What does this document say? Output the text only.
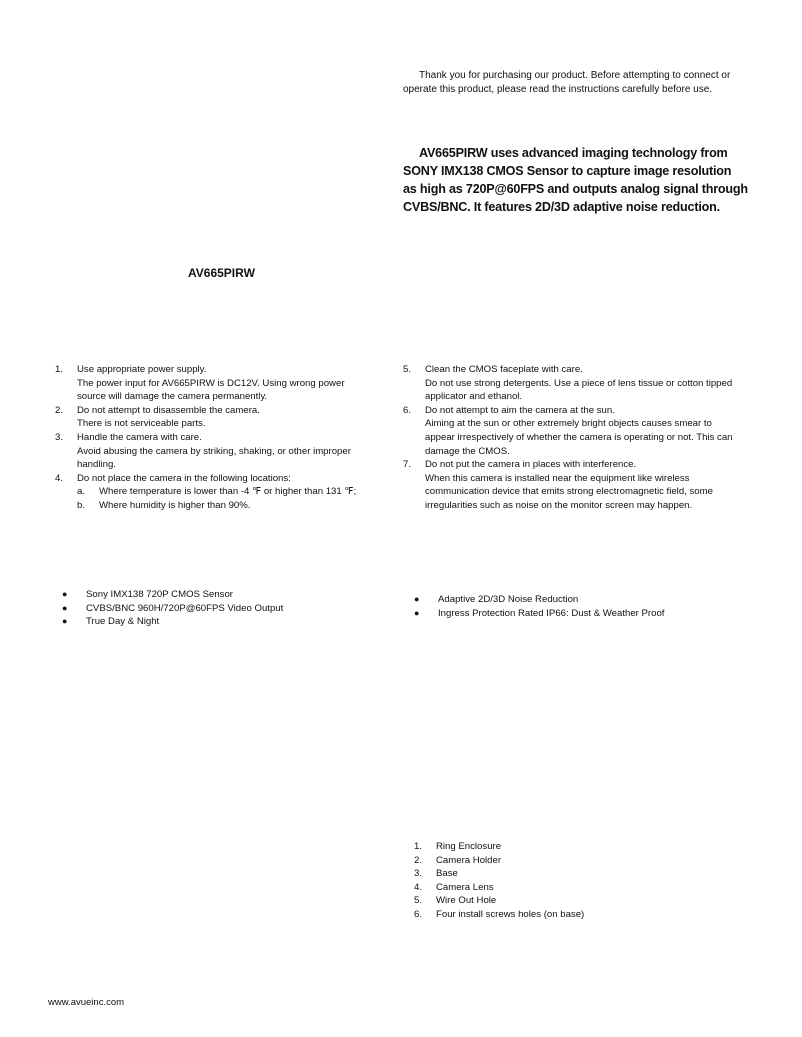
Thank you for purchasing our product. Before attempting to connect or operate this product, please read the instructions carefully before use.
AV665PIRW uses advanced imaging technology from SONY IMX138 CMOS Sensor to capture image resolution as high as 720P@60FPS and outputs analog signal through CVBS/BNC. It features 2D/3D adaptive noise reduction.
AV665PIRW
1. Use appropriate power supply.
The power input for AV665PIRW is DC12V. Using wrong power source will damage the camera permanently.
2. Do not attempt to disassemble the camera.
There is not serviceable parts.
3. Handle the camera with care.
Avoid abusing the camera by striking, shaking, or other improper handling.
4. Do not place the camera in the following locations:
a. Where temperature is lower than -4 ℉ or higher than 131 ℉;
b. Where humidity is higher than 90%.
5. Clean the CMOS faceplate with care.
Do not use strong detergents. Use a piece of lens tissue or cotton tipped applicator and ethanol.
6. Do not attempt to aim the camera at the sun.
Aiming at the sun or other extremely bright objects causes smear to appear irrespectively of whether the camera is operating or not. This can damage the CMOS.
7. Do not put the camera in places with interference.
When this camera is installed near the equipment like wireless communication device that emits strong electromagnetic field, some irregularities such as noise on the monitor screen may happen.
● Sony IMX138 720P CMOS Sensor
● CVBS/BNC 960H/720P@60FPS Video Output
● True Day & Night
● Adaptive 2D/3D Noise Reduction
● Ingress Protection Rated IP66: Dust & Weather Proof
1. Ring Enclosure
2. Camera Holder
3. Base
4. Camera Lens
5. Wire Out Hole
6. Four install screws holes (on base)
www.avueinc.com
